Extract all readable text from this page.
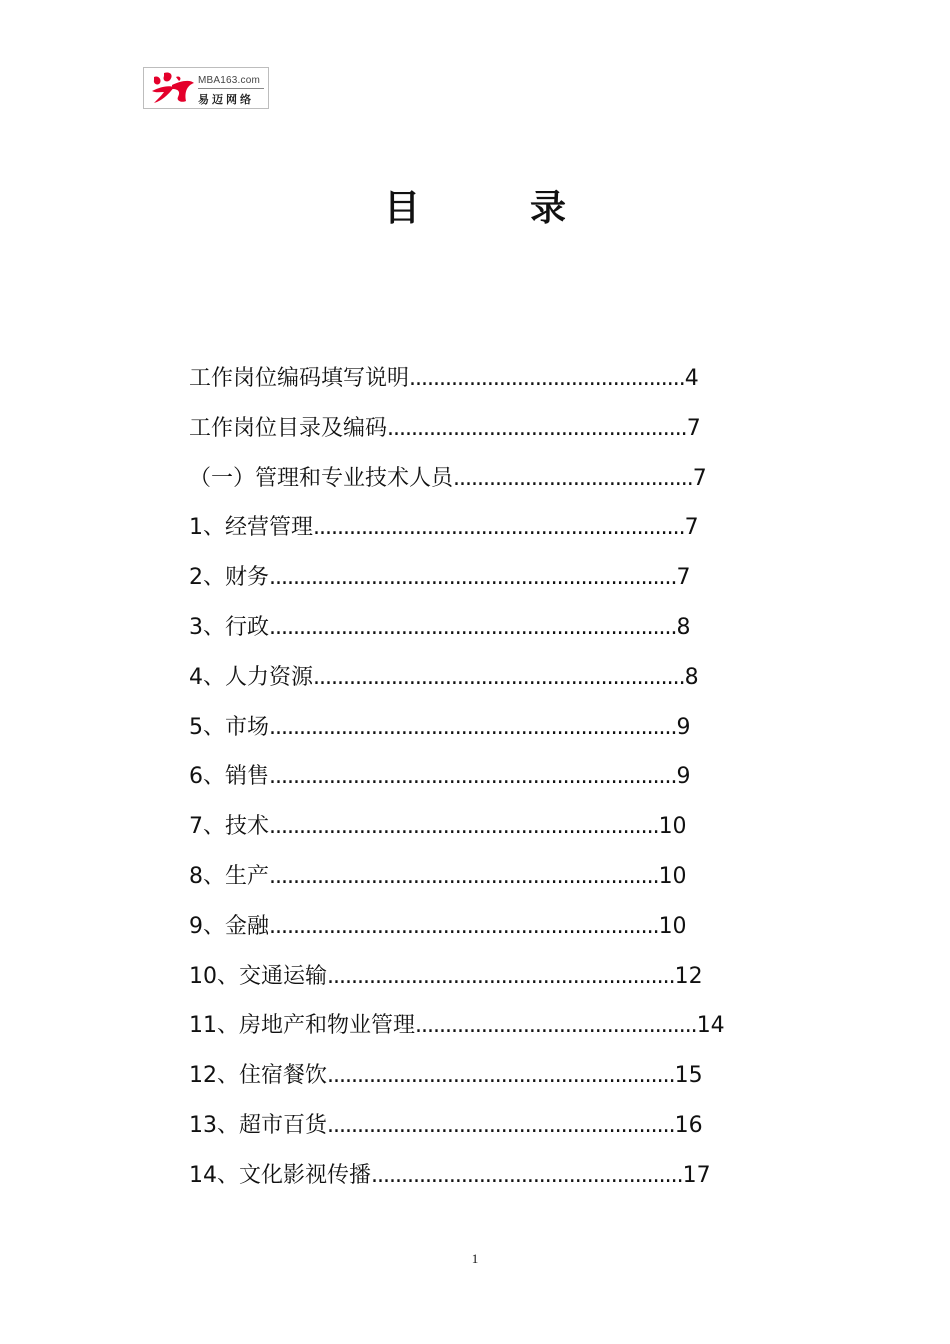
MBA163.com
易迈网络
目	录
工作岗位编码填写说明..............................................4
工作岗位目录及编码..................................................7
（一）管理和专业技术人员........................................7
1、经营管理..............................................................7
2、财务....................................................................7
3、行政....................................................................8
4、人力资源..............................................................8
5、市场....................................................................9
6、销售....................................................................9
7、技术.................................................................10
8、生产.................................................................10
9、金融.................................................................10
10、交通运输..........................................................12
11、房地产和物业管理...............................................14
12、住宿餐饮..........................................................15
13、超市百货..........................................................16
14、文化影视传播....................................................17
1
